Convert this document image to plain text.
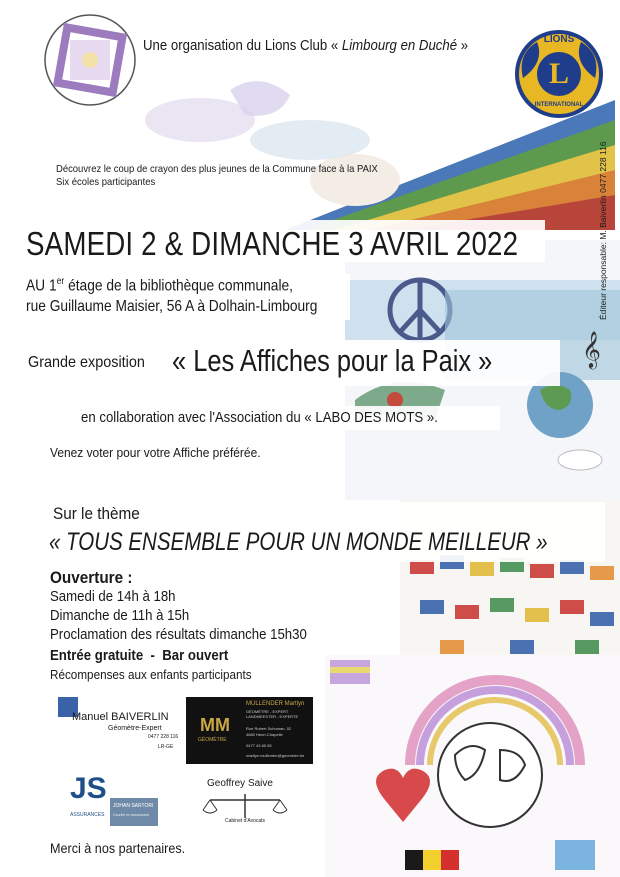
𝄞
Une organisation du Lions Club « Limbourg en Duché »	LIONS
L
INTERNATIONAL
Découvrez le coup de crayon des plus jeunes de la Commune face à la PAIX
Six écoles participantes	Éditeur responsable: M. Baiverlin 0477 228 116
SAMEDI 2 & DIMANCHE 3 AVRIL 2022
AU 1er étage de la bibliothèque communale,
rue Guillaume Maisier, 56 A à Dolhain-Limbourg
Grande exposition « Les Affiches pour la Paix »
en collaboration avec l'Association du « LABO DES MOTS ».
Venez voter pour votre Affiche préférée.
Sur le thème
« TOUS ENSEMBLE POUR UN MONDE MEILLEUR »
Ouverture :
Samedi de 14h à 18h
Dimanche de 11h à 15h
Proclamation des résultats dimanche 15h30
Entrée gratuite  -  Bar ouvert
Récompenses aux enfants participants
Manuel BAIVERLIN
Géomètre-Expert
0477 228 116
LR-GE
MM
GÉOMÈTRE
MULLENDER Martlyn
GÉOMÈTRE - EXPERT
LANDMEESTER - EXPERTE
Rue Robert Schuman, 02
4880 Henri-Chapelle
0477 43 65 55
martlyn.mullender@geometre.be
JS
ASSURANCES
JOHAN SARTORI
Courtier en assurances
Geoffrey Saive
Cabinet d'Avocats
Merci à nos partenaires.
